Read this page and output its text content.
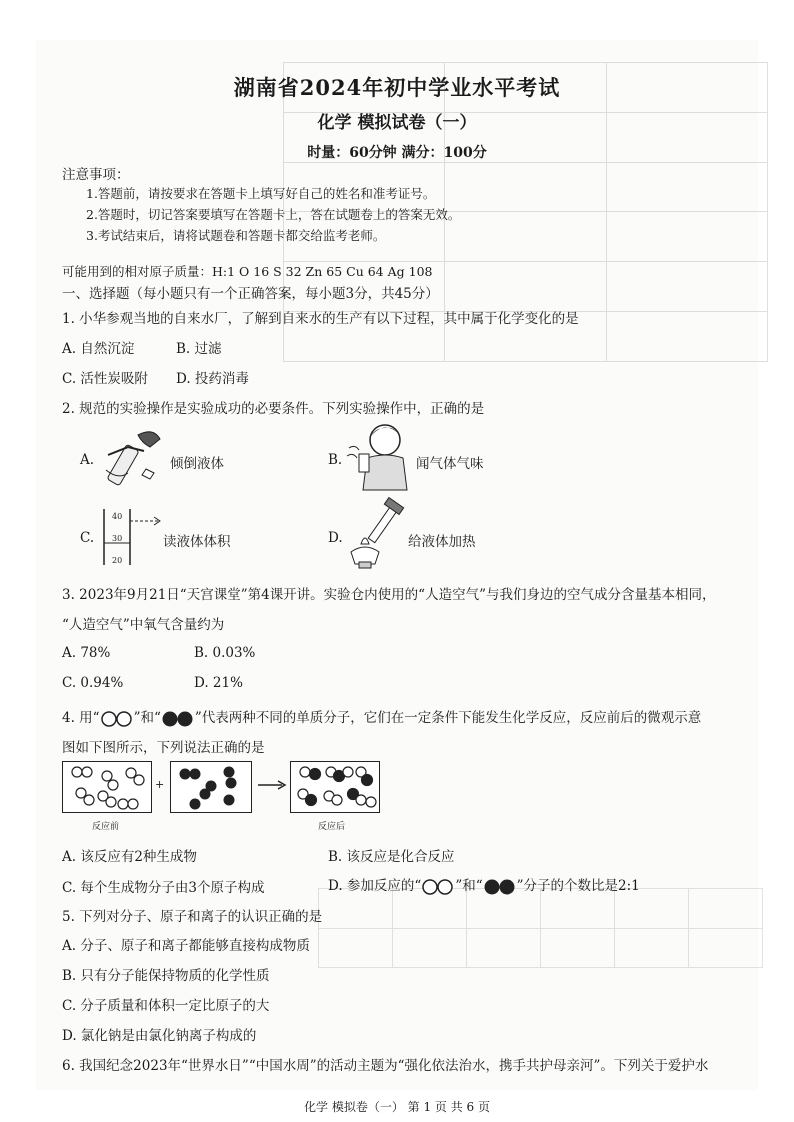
湖南省2024年初中学业水平考试
化学 模拟试卷（一）
时量：60分钟 满分：100分
注意事项：
1.答题前，请按要求在答题卡上填写好自己的姓名和准考证号。
2.答题时，切记答案要填写在答题卡上，答在试题卷上的答案无效。
3.考试结束后，请将试题卷和答题卡都交给监考老师。
可能用到的相对原子质量：H:1 O 16 S 32 Zn 65 Cu 64 Ag 108
一、选择题（每小题只有一个正确答案，每小题3分，共45分）
1. 小华参观当地的自来水厂，了解到自来水的生产有以下过程，其中属于化学变化的是
A. 自然沉淀	B. 过滤
C. 活性炭吸附 D. 投药消毒
2. 规范的实验操作是实验成功的必要条件。下列实验操作中，正确的是
A.	倾倒液体	B.	闻气体气味
C.
40
30
20
读液体体积	D.	给液体加热
3. 2023年9月21日“天宫课堂”第4课开讲。实验仓内使用的“人造空气”与我们身边的空气成分含量基本相同，
“人造空气”中氧气含量约为
A. 78%	B. 0.03%
C. 0.94%	D. 21%
4. 用“	”和“	”代表两种不同的单质分子，它们在一定条件下能发生化学反应，反应前后的微观示意
图如下图所示，下列说法正确的是
+
反应前	反应后
A. 该反应有2种生成物	B. 该反应是化合反应
C. 每个生成物分子由3个原子构成	D. 参加反应的“	”和“	”分子的个数比是2:1
5. 下列对分子、原子和离子的认识正确的是
A. 分子、原子和离子都能够直接构成物质
B. 只有分子能保持物质的化学性质
C. 分子质量和体积一定比原子的大
D. 氯化钠是由氯化钠离子构成的
6. 我国纪念2023年“世界水日”“中国水周”的活动主题为“强化依法治水，携手共护母亲河”。下列关于爱护水
化学 模拟卷（一） 第 1 页 共 6 页
